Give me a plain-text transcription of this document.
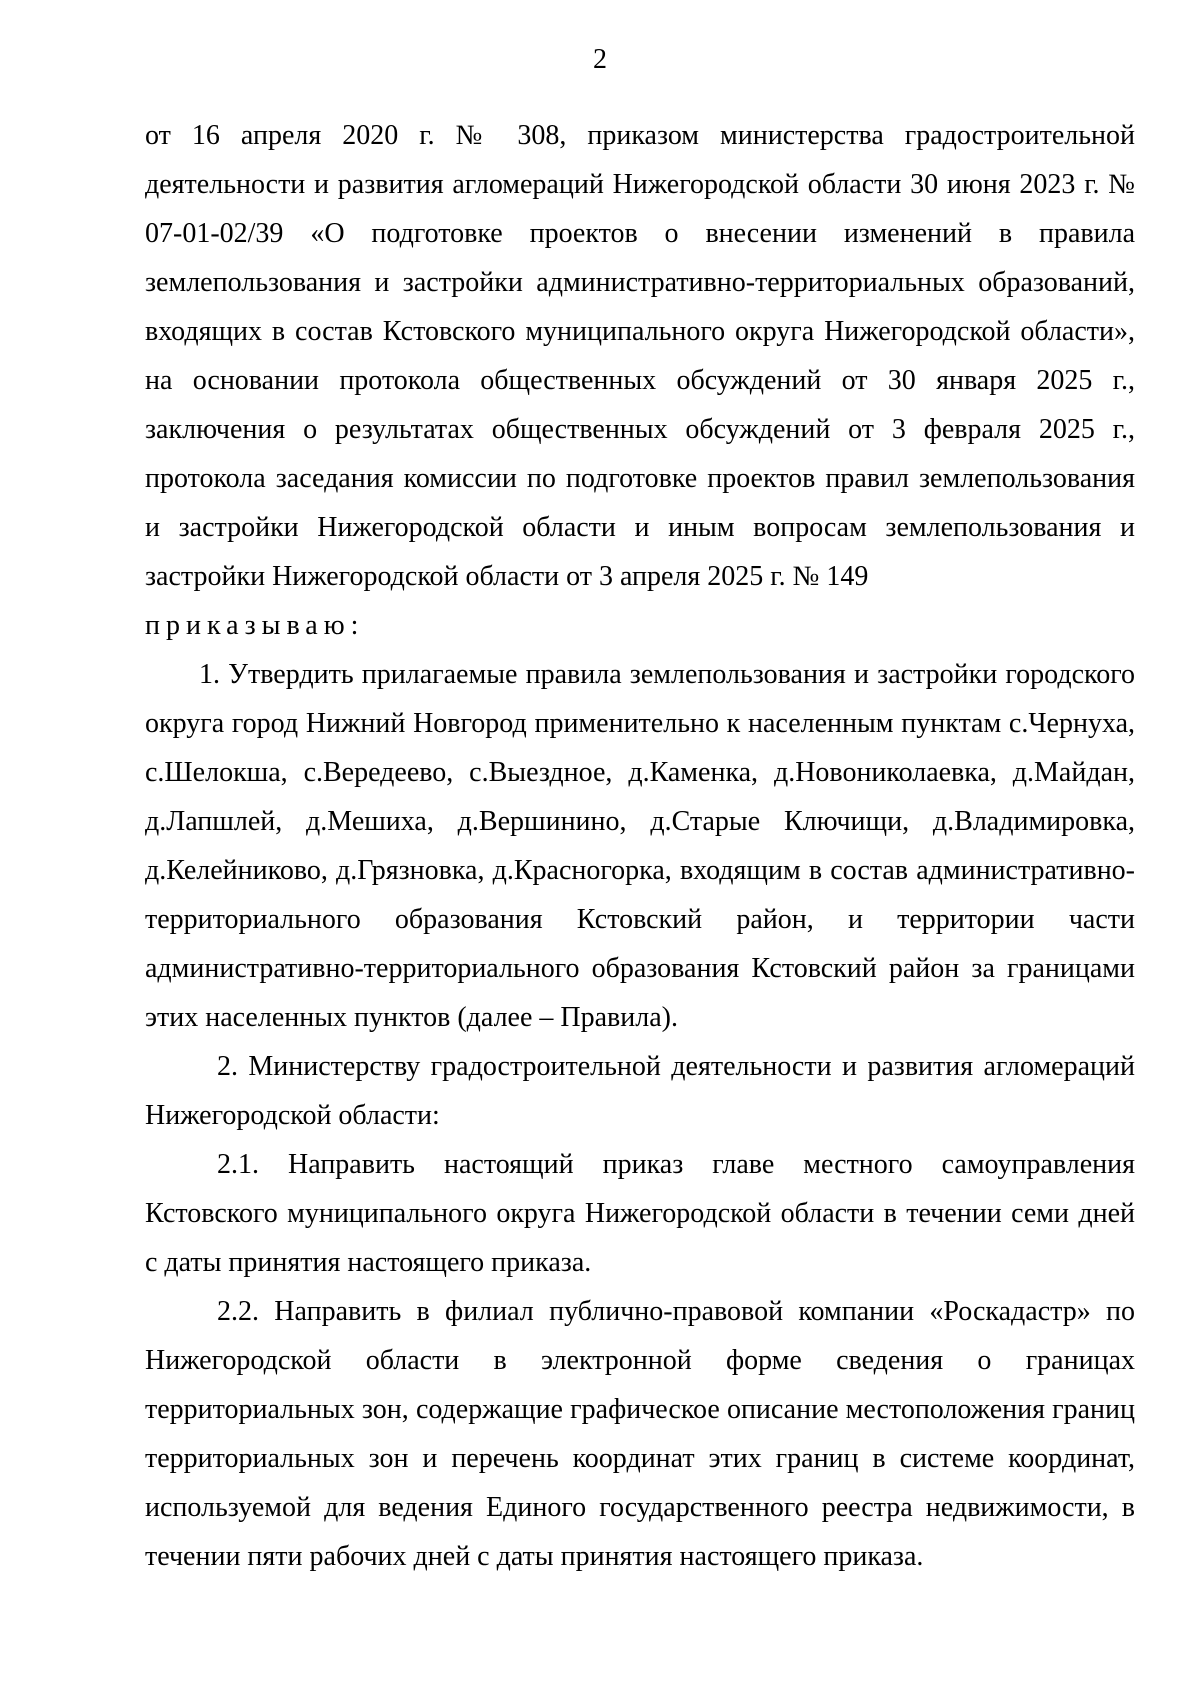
2

от 16 апреля 2020 г. № 308, приказом министерства градостроительной деятельности и развития агломераций Нижегородской области 30 июня 2023 г. № 07-01-02/39 «О подготовке проектов о внесении изменений в правила землепользования и застройки административно-территориальных образований, входящих в состав Кстовского муниципального округа Нижегородской области», на основании протокола общественных обсуждений от 30 января 2025 г., заключения о результатах общественных обсуждений от 3 февраля 2025 г., протокола заседания комиссии по подготовке проектов правил землепользования и застройки Нижегородской области и иным вопросам землепользования и застройки Нижегородской области от 3 апреля 2025 г. № 149

приказываю:

1. Утвердить прилагаемые правила землепользования и застройки городского округа город Нижний Новгород применительно к населенным пунктам с.Чернуха, с.Шелокша, с.Вередеево, с.Выездное, д.Каменка, д.Новониколаевка, д.Майдан, д.Лапшлей, д.Мешиха, д.Вершинино, д.Старые Ключищи, д.Владимировка, д.Келейниково, д.Грязновка, д.Красногорка, входящим в состав административно-территориального образования Кстовский район, и территории части административно-территориального образования Кстовский район за границами этих населенных пунктов (далее – Правила).

2. Министерству градостроительной деятельности и развития агломераций Нижегородской области:

2.1. Направить настоящий приказ главе местного самоуправления Кстовского муниципального округа Нижегородской области в течении семи дней с даты принятия настоящего приказа.

2.2. Направить в филиал публично-правовой компании «Роскадастр» по Нижегородской области в электронной форме сведения о границах территориальных зон, содержащие графическое описание местоположения границ территориальных зон и перечень координат этих границ в системе координат, используемой для ведения Единого государственного реестра недвижимости, в течении пяти рабочих дней с даты принятия настоящего приказа.
